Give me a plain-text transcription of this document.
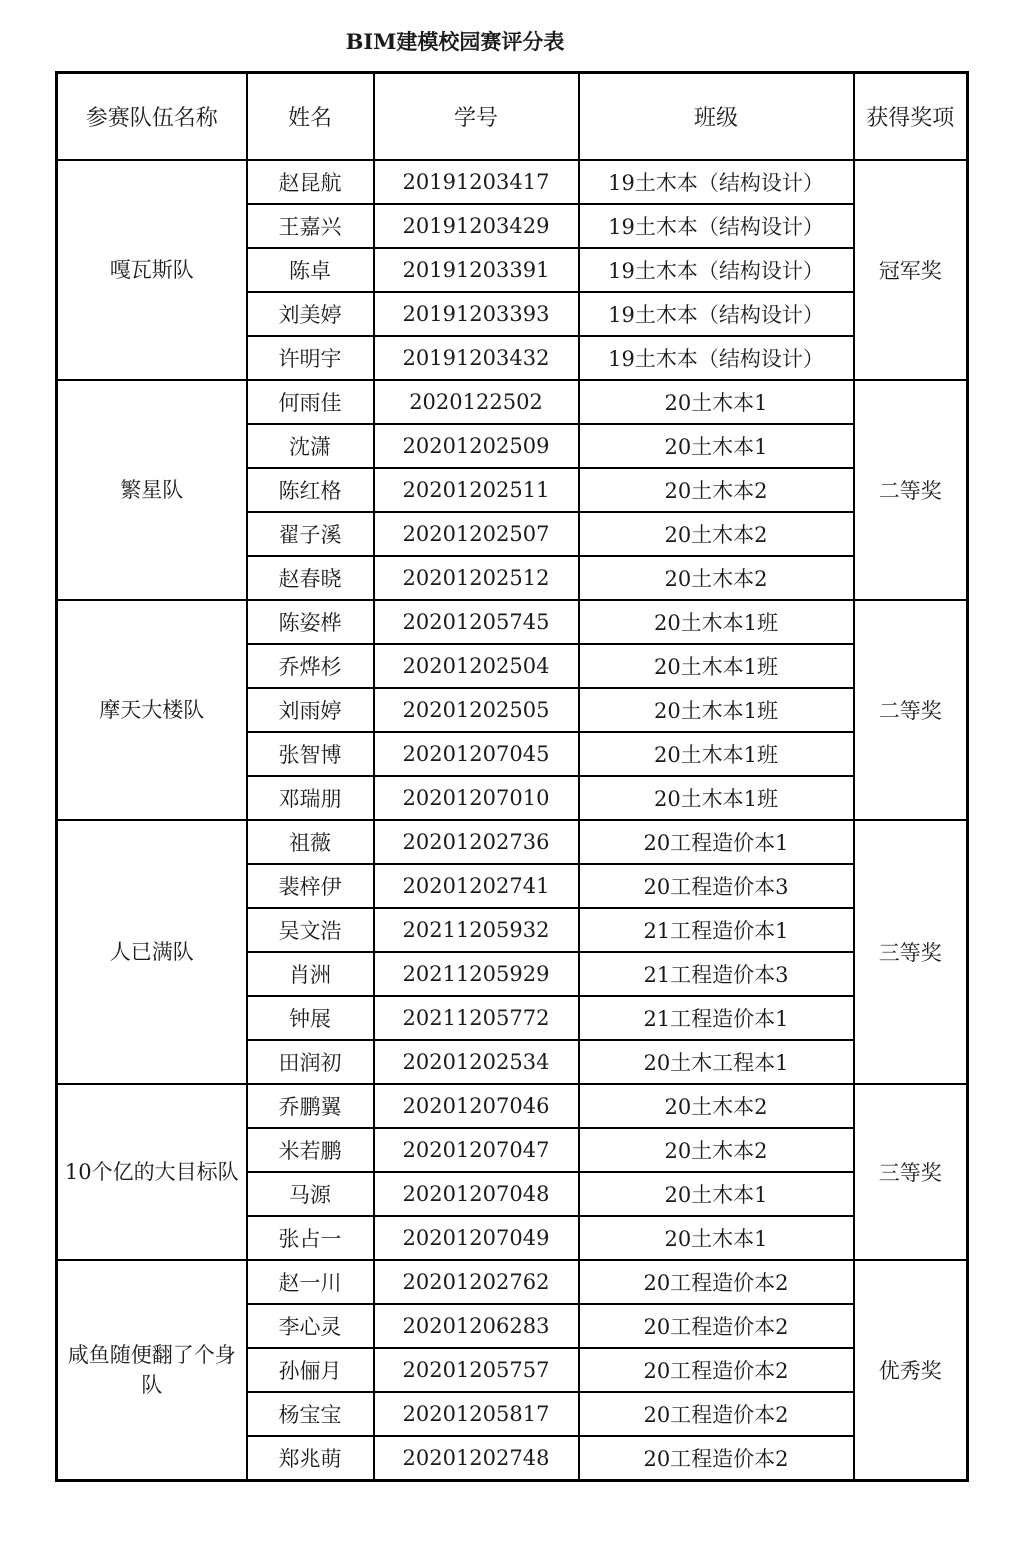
BIM建模校园赛评分表
参赛队伍名称	姓名	学号	班级	获得奖项
嘎瓦斯队	赵昆航	20191203417	19土木本（结构设计）	冠军奖
	王嘉兴	20191203429	19土木本（结构设计）	
	陈卓	20191203391	19土木本（结构设计）	
	刘美婷	20191203393	19土木本（结构设计）	
	许明宇	20191203432	19土木本（结构设计）	
繁星队	何雨佳	2020122502	20土木本1	二等奖
	沈潇	20201202509	20土木本1	
	陈红格	20201202511	20土木本2	
	翟子溪	20201202507	20土木本2	
	赵春晓	20201202512	20土木本2	
摩天大楼队	陈姿桦	20201205745	20土木本1班	二等奖
	乔烨杉	20201202504	20土木本1班	
	刘雨婷	20201202505	20土木本1班	
	张智博	20201207045	20土木本1班	
	邓瑞朋	20201207010	20土木本1班	
人已满队	祖薇	20201202736	20工程造价本1	三等奖
	裴梓伊	20201202741	20工程造价本3	
	吴文浩	20211205932	21工程造价本1	
	肖洲	20211205929	21工程造价本3	
	钟展	20211205772	21工程造价本1	
	田润初	20201202534	20土木工程本1	
10个亿的大目标队	乔鹏翼	20201207046	20土木本2	三等奖
	米若鹏	20201207047	20土木本2	
	马源	20201207048	20土木本1	
	张占一	20201207049	20土木本1	
咸鱼随便翻了个身队	赵一川	20201202762	20工程造价本2	优秀奖
	李心灵	20201206283	20工程造价本2	
	孙俪月	20201205757	20工程造价本2	
	杨宝宝	20201205817	20工程造价本2	
	郑兆萌	20201202748	20工程造价本2	
